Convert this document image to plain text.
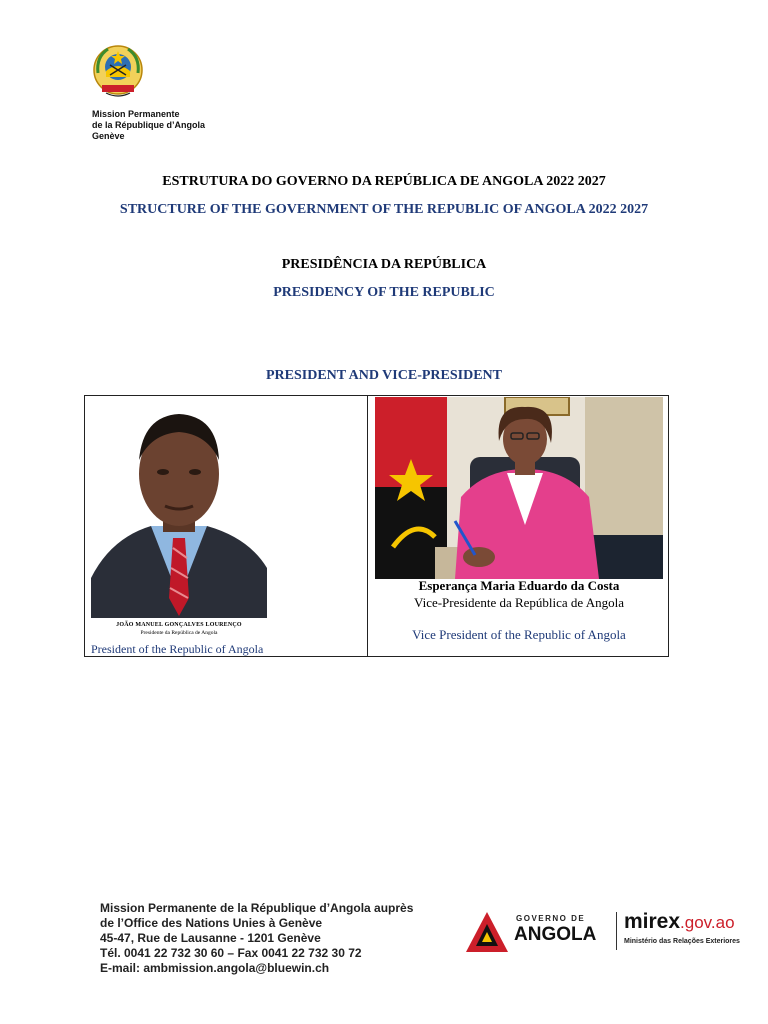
Mission Permanente
de la République d’Angola
Genève
ESTRUTURA DO GOVERNO DA REPÚBLICA DE ANGOLA 2022 2027
STRUCTURE OF THE GOVERNMENT OF THE REPUBLIC OF ANGOLA 2022 2027
PRESIDÊNCIA DA REPÚBLICA
PRESIDENCY OF THE REPUBLIC
PRESIDENT AND VICE-PRESIDENT
JOÃO MANUEL GONÇALVES LOURENÇO
Presidente da República de Angola
President of the Republic of Angola
Esperança Maria Eduardo da Costa
Vice-Presidente da República de Angola
Vice President of the Republic of Angola
Mission Permanente de la République d’Angola auprès
de l’Office des Nations Unies à Genève
45-47, Rue de Lausanne - 1201 Genève
Tél. 0041 22 732 30 60 – Fax 0041 22 732 30 72
E-mail: ambmission.angola@bluewin.ch
GOVERNO DE
ANGOLA
mirex.gov.ao
Ministério das Relações Exteriores
